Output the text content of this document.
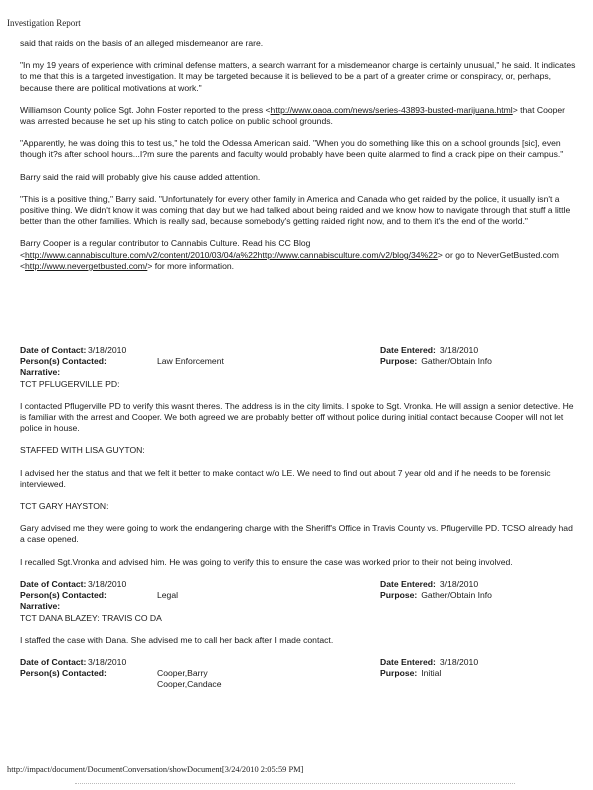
Investigation Report

said that raids on the basis of an alleged misdemeanor are rare.

"In my 19 years of experience with criminal defense matters, a search warrant for a misdemeanor charge is certainly unusual," he said. It indicates to me that this is a targeted investigation. It may be targeted because it is believed to be a part of a greater crime or conspiracy, or, perhaps, because there are political motivations at work."

Williamson County police Sgt. John Foster reported to the press <http://www.oaoa.com/news/series-43893-busted-marijuana.html> that Cooper was arrested because he set up his sting to catch police on public school grounds.

"Apparently, he was doing this to test us," he told the Odessa American said. "When you do something like this on a school grounds [sic], even though it?s after school hours...I?m sure the parents and faculty would probably have been quite alarmed to find a crack pipe on their campus."

Barry said the raid will probably give his cause added attention.

"This is a positive thing," Barry said. "Unfortunately for every other family in America and Canada who get raided by the police, it usually isn't a positive thing. We didn't know it was coming that day but we had talked about being raided and we know how to navigate through that stuff a little better than the other families. Which is really sad, because somebody's getting raided right now, and to them it's the end of the world."

Barry Cooper is a regular contributor to Cannabis Culture. Read his CC Blog <http://www.cannabisculture.com/v2/content/2010/03/04/a%22http://www.cannabisculture.com/v2/blog/34%22> or go to NeverGetBusted.com <http://www.nevergetbusted.com/> for more information.

Date of Contact: 3/18/2010	Date Entered: 3/18/2010
Person(s) Contacted:	Law Enforcement	Purpose: Gather/Obtain Info
Narrative:

TCT PFLUGERVILLE PD:

I contacted Pflugerville PD to verify this wasnt theres. The address is in the city limits. I spoke to Sgt. Vronka. He will assign a senior detective. He is familiar with the arrest and Cooper. We both agreed we are probably better off without police during initial contact because Cooper will not let police in house.

STAFFED WITH LISA GUYTON:

I advised her the status and that we felt it better to make contact w/o LE. We need to find out about 7 year old and if he needs to be forensic interviewed.

TCT GARY HAYSTON:

Gary advised me they were going to work the endangering charge with the Sheriff's Office in Travis County vs. Pflugerville PD. TCSO already had a case opened.

I recalled Sgt.Vronka and advised him. He was going to verify this to ensure the case was worked prior to their not being involved.

Date of Contact: 3/18/2010	Date Entered: 3/18/2010
Person(s) Contacted:	Legal	Purpose: Gather/Obtain Info
Narrative:
TCT DANA BLAZEY: TRAVIS CO DA

I staffed the case with Dana. She advised me to call her back after I made contact.

Date of Contact: 3/18/2010	Date Entered: 3/18/2010
Person(s) Contacted:	Cooper,Barry	Purpose: Initial
Cooper,Candace
http://impact/document/DocumentConversation/showDocument[3/24/2010 2:05:59 PM]
